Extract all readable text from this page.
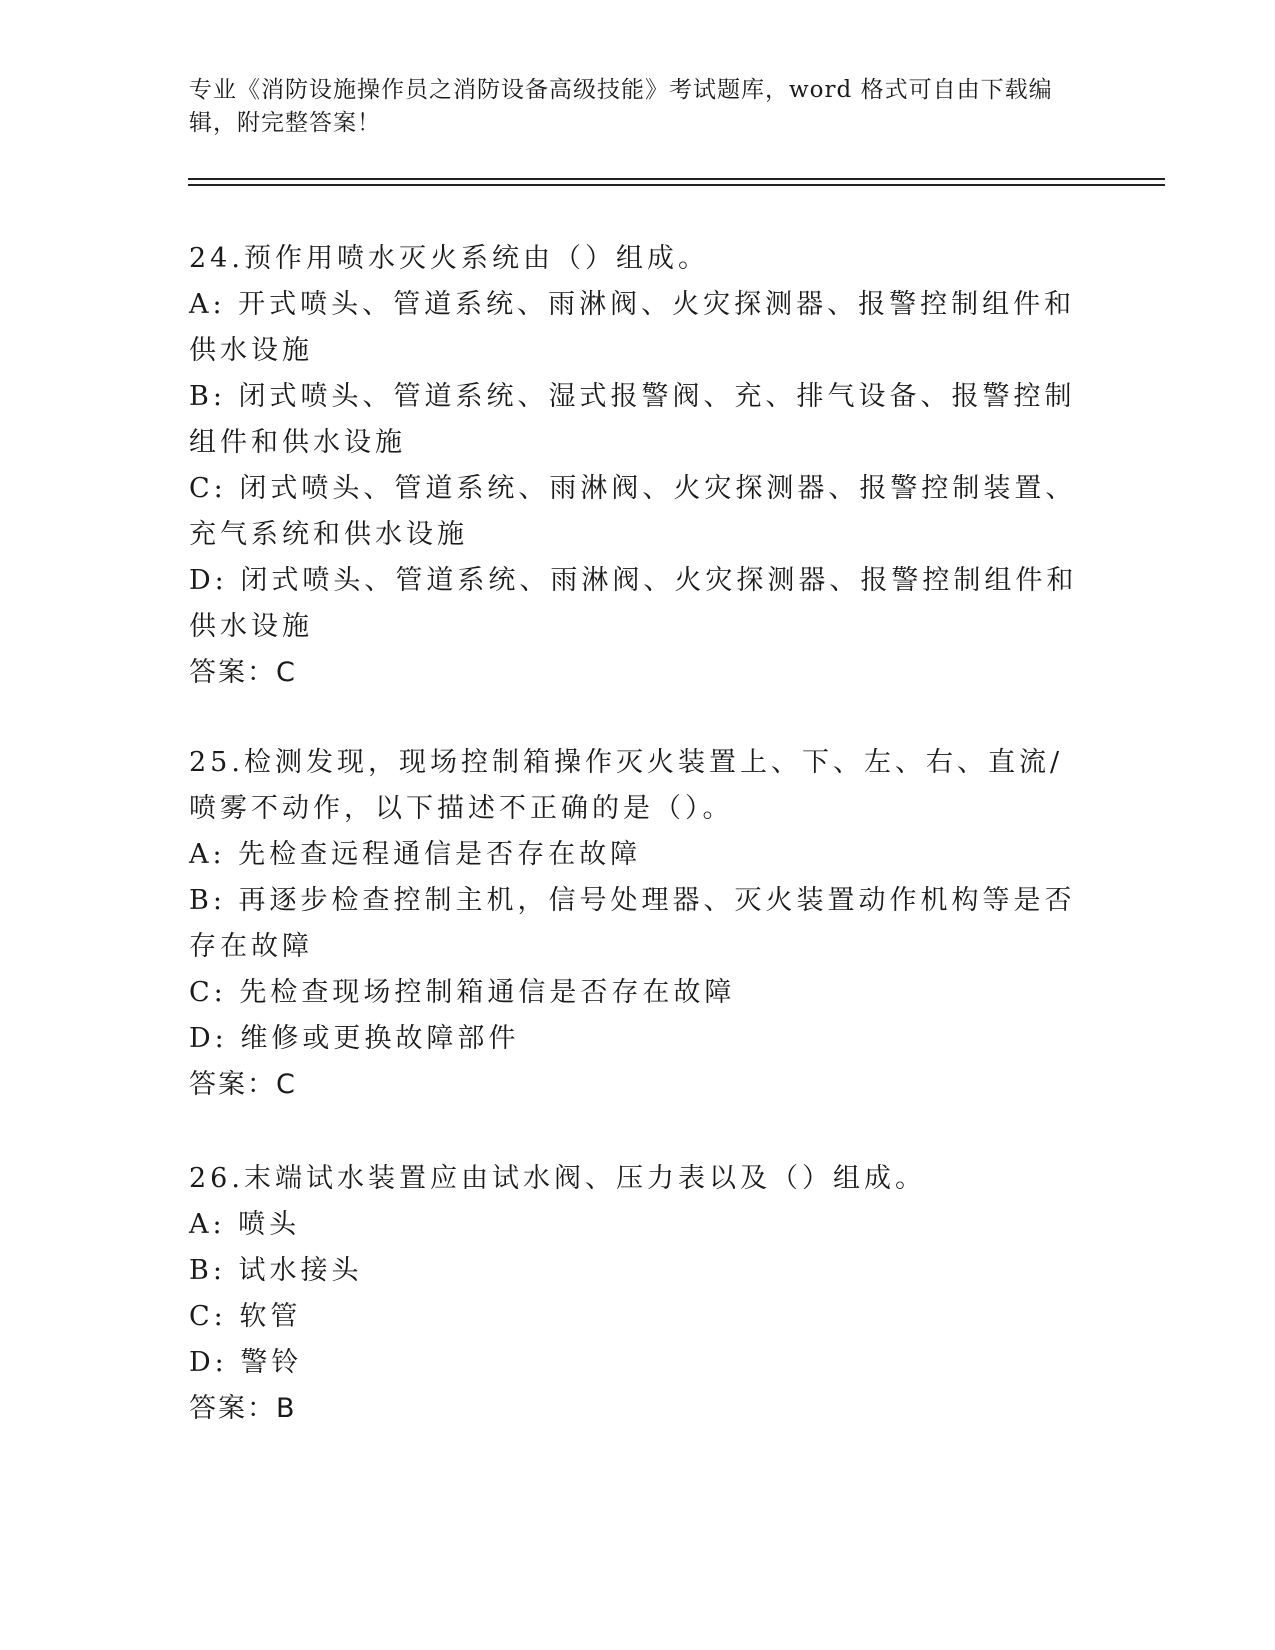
专业《消防设施操作员之消防设备高级技能》考试题库，word 格式可自由下载编辑，附完整答案！

24.预作用喷水灭火系统由（）组成。

A: 开式喷头、管道系统、雨淋阀、火灾探测器、报警控制组件和供水设施

B: 闭式喷头、管道系统、湿式报警阀、充、排气设备、报警控制组件和供水设施

C: 闭式喷头、管道系统、雨淋阀、火灾探测器、报警控制装置、充气系统和供水设施

D: 闭式喷头、管道系统、雨淋阀、火灾探测器、报警控制组件和供水设施

答案：C

25.检测发现，现场控制箱操作灭火装置上、下、左、右、直流/喷雾不动作，以下描述不正确的是（）。

A: 先检查远程通信是否存在故障

B: 再逐步检查控制主机，信号处理器、灭火装置动作机构等是否存在故障

C: 先检查现场控制箱通信是否存在故障

D: 维修或更换故障部件

答案：C

26.末端试水装置应由试水阀、压力表以及（）组成。

A: 喷头

B: 试水接头

C: 软管

D: 警铃

答案：B
